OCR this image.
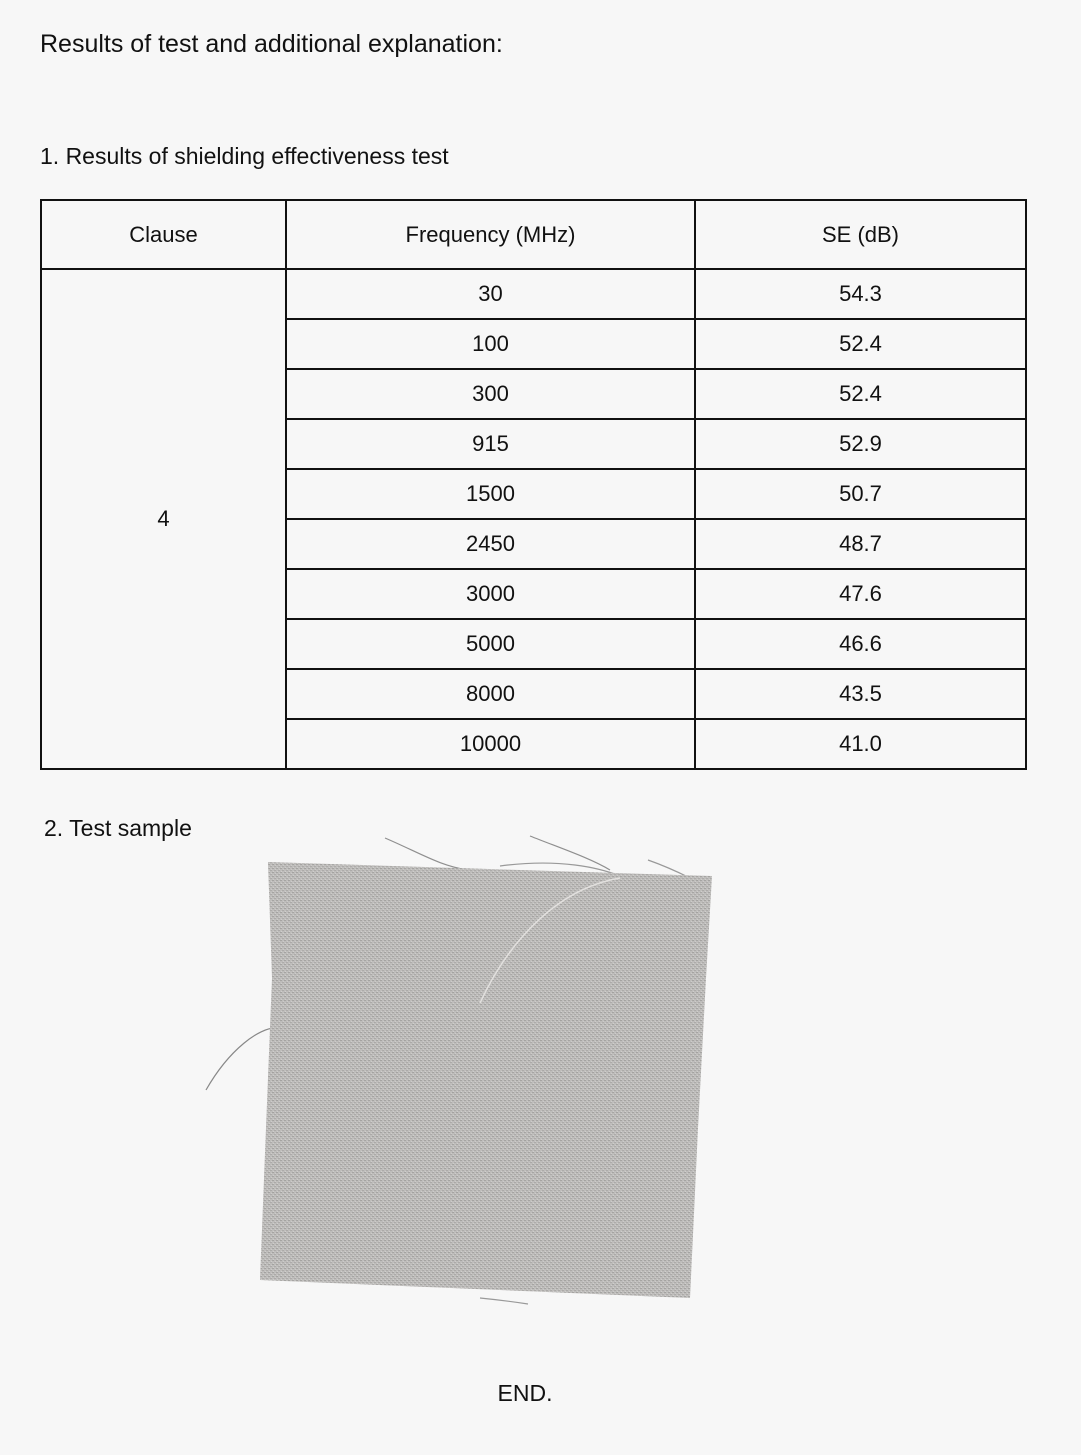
Results of test and additional explanation:
1. Results of shielding effectiveness test
Clause	Frequency (MHz)	SE (dB)
4	30	54.3
	100	52.4
	300	52.4
	915	52.9
	1500	50.7
	2450	48.7
	3000	47.6
	5000	46.6
	8000	43.5
	10000	41.0
2. Test sample
END.
